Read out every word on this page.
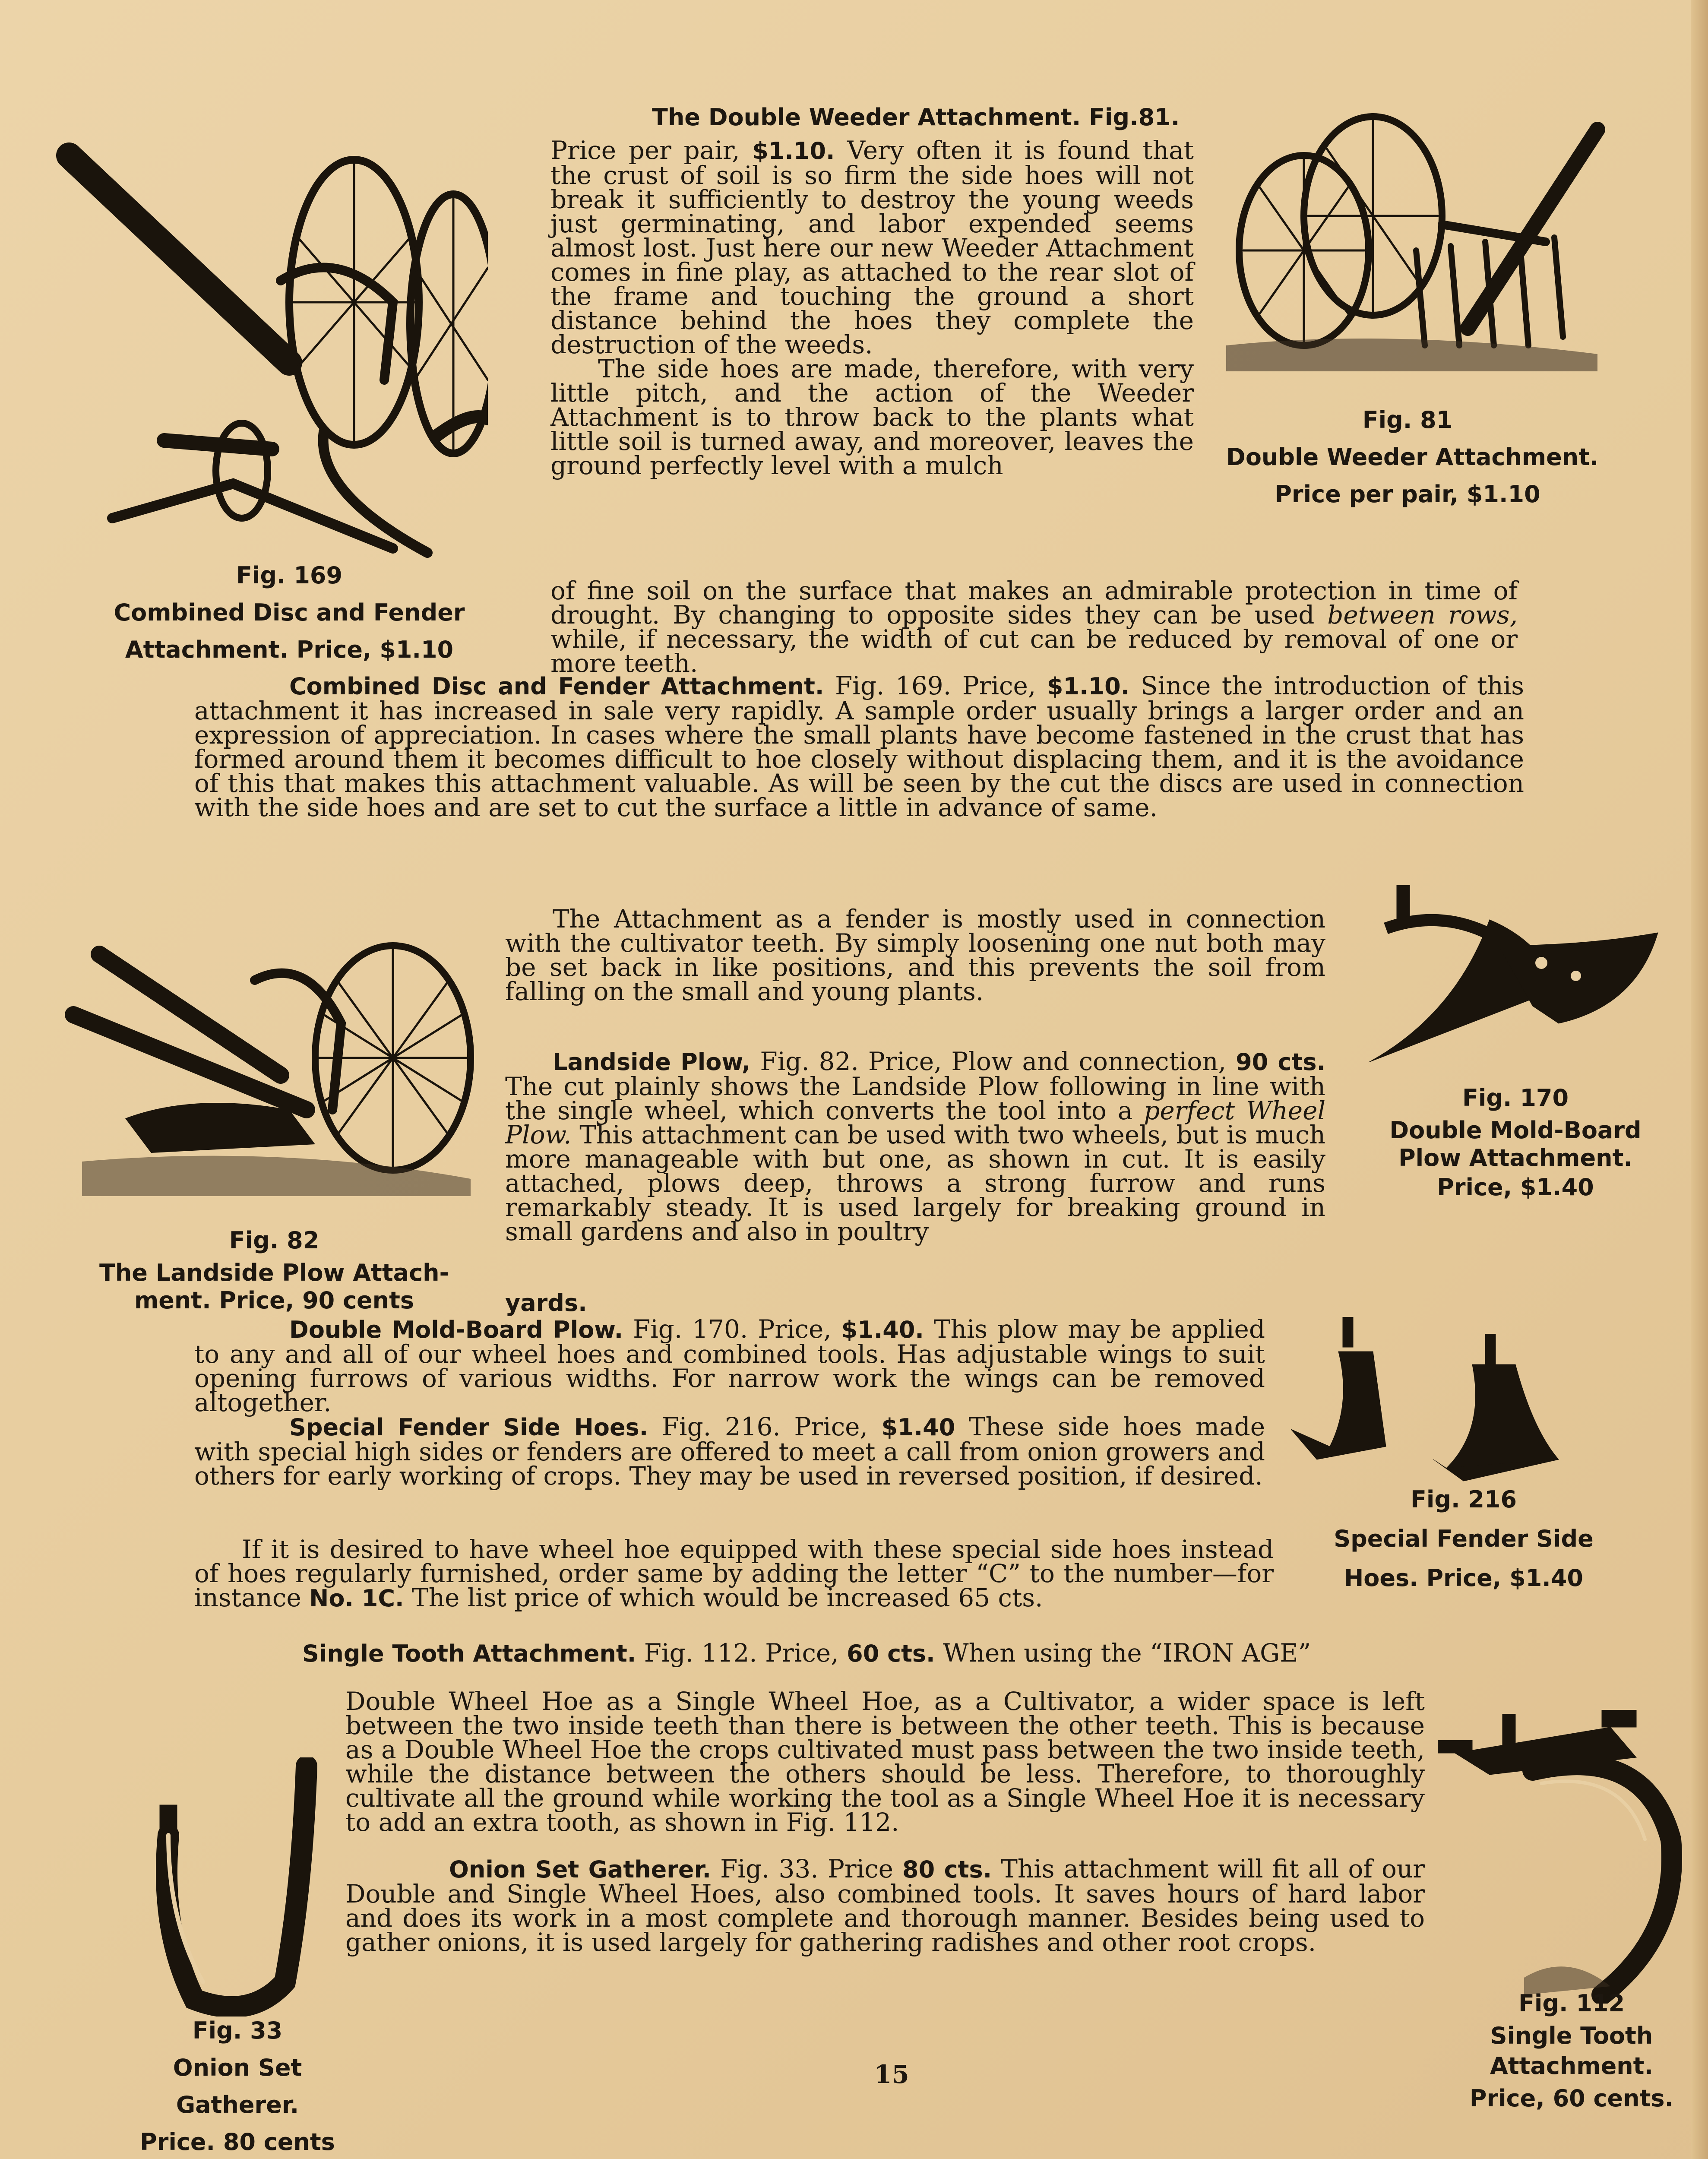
Fig. 169
Combined Disc and Fender
Attachment. Price, $1.10
Fig. 81
Double Weeder Attachment.
Price per pair, $1.10
The Double Weeder Attachment. Fig.81.

Price per pair, $1.10. Very often it is found that the crust of soil is so firm the side hoes will not break it sufficiently to destroy the young weeds just germinating, and labor expended seems almost lost. Just here our new Weeder Attachment comes in fine play, as attached to the rear slot of the frame and touching the ground a short distance behind the hoes they complete the destruction of the weeds.

The side hoes are made, therefore, with very little pitch, and the action of the Weeder Attachment is to throw back to the plants what little soil is turned away, and moreover, leaves the ground perfectly level with a mulch

of fine soil on the surface that makes an admirable protection in time of drought. By changing to opposite sides they can be used between rows, while, if necessary, the width of cut can be reduced by removal of one or more teeth.

Combined Disc and Fender Attachment. Fig. 169. Price, $1.10. Since the introduction of this attachment it has increased in sale very rapidly. A sample order usually brings a larger order and an expression of appreciation. In cases where the small plants have become fastened in the crust that has formed around them it becomes difficult to hoe closely without displacing them, and it is the avoidance of this that makes this attachment valuable. As will be seen by the cut the discs are used in connection with the side hoes and are set to cut the surface a little in advance of same.

The Attachment as a fender is mostly used in connection with the cultivator teeth. By simply loosening one nut both may be set back in like positions, and this prevents the soil from falling on the small and young plants.

Fig. 82
The Landside Plow Attach-
ment. Price, 90 cents

Landside Plow, Fig. 82. Price, Plow and connection, 90 cts. The cut plainly shows the Landside Plow following in line with the single wheel, which converts the tool into a perfect Wheel Plow. This attachment can be used with two wheels, but is much more manageable with but one, as shown in cut. It is easily attached, plows deep, throws a strong furrow and runs remarkably steady. It is used largely for breaking ground in small gardens and also in poultry

yards.

Fig. 170
Double Mold-Board
Plow Attachment.
Price, $1.40

Double Mold-Board Plow. Fig. 170. Price, $1.40. This plow may be applied to any and all of our wheel hoes and combined tools. Has adjustable wings to suit opening furrows of various widths. For narrow work the wings can be removed altogether.

Special Fender Side Hoes. Fig. 216. Price, $1.40 These side hoes made with special high sides or fenders are offered to meet a call from onion growers and others for early working of crops. They may be used in reversed position, if desired.

If it is desired to have wheel hoe equipped with these special side hoes instead of hoes regularly furnished, order same by adding the letter “C” to the number—for instance No. 1C. The list price of which would be increased 65 cts.

Fig. 216
Special Fender Side
Hoes. Price, $1.40

Single Tooth Attachment. Fig. 112. Price, 60 cts. When using the “IRON AGE”

Double Wheel Hoe as a Single Wheel Hoe, as a Cultivator, a wider space is left between the two inside teeth than there is between the other teeth. This is because as a Double Wheel Hoe the crops cultivated must pass between the two inside teeth, while the distance between the others should be less. Therefore, to thoroughly cultivate all the ground while working the tool as a Single Wheel Hoe it is necessary to add an extra tooth, as shown in Fig. 112.

Onion Set Gatherer. Fig. 33. Price 80 cts. This attachment will fit all of our Double and Single Wheel Hoes, also combined tools. It saves hours of hard labor and does its work in a most complete and thorough manner. Besides being used to gather onions, it is used largely for gathering radishes and other root crops.

Fig. 33
Onion Set
Gatherer.
Price. 80 cents
Fig. 112
Single Tooth
Attachment.
Price, 60 cents.
15
